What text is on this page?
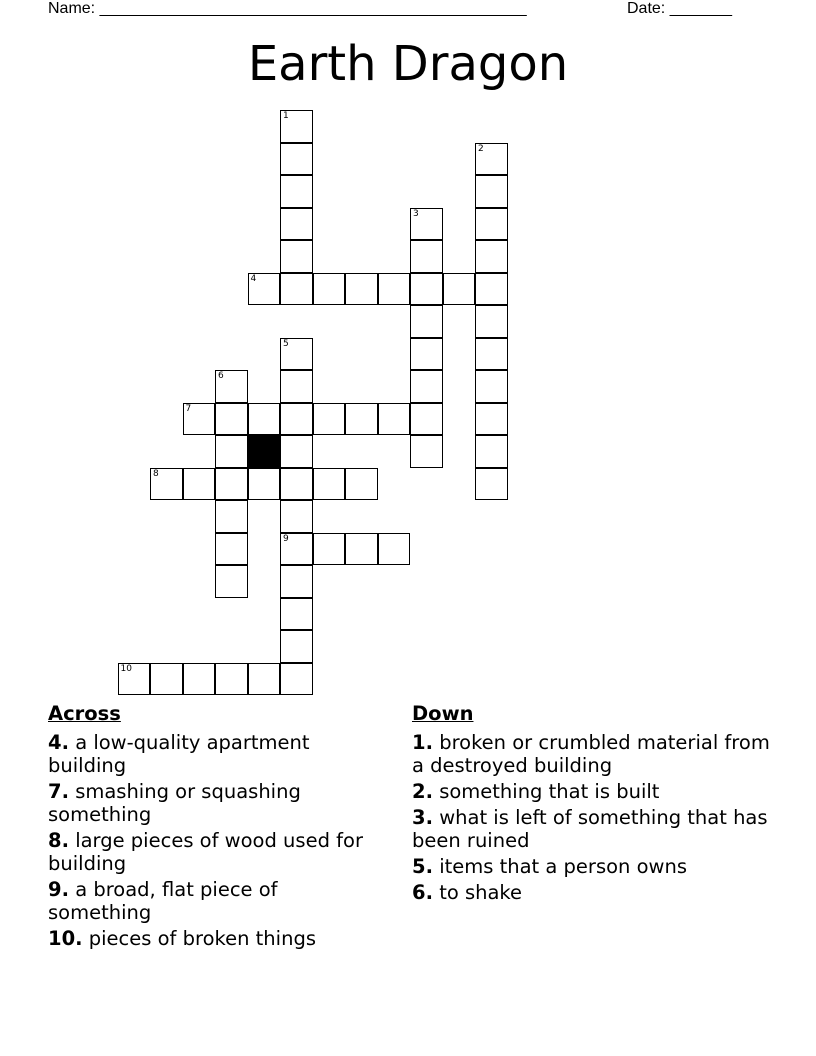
Name: ________________________________________________	Date: _______
Earth Dragon
1
2
3
4
5
6
7
8
9
10
Across
4. a low-quality apartment building
7. smashing or squashing something
8. large pieces of wood used for building
9. a broad, flat piece of something
10. pieces of broken things
Down
1. broken or crumbled material from a destroyed building
2. something that is built
3. what is left of something that has been ruined
5. items that a person owns
6. to shake
